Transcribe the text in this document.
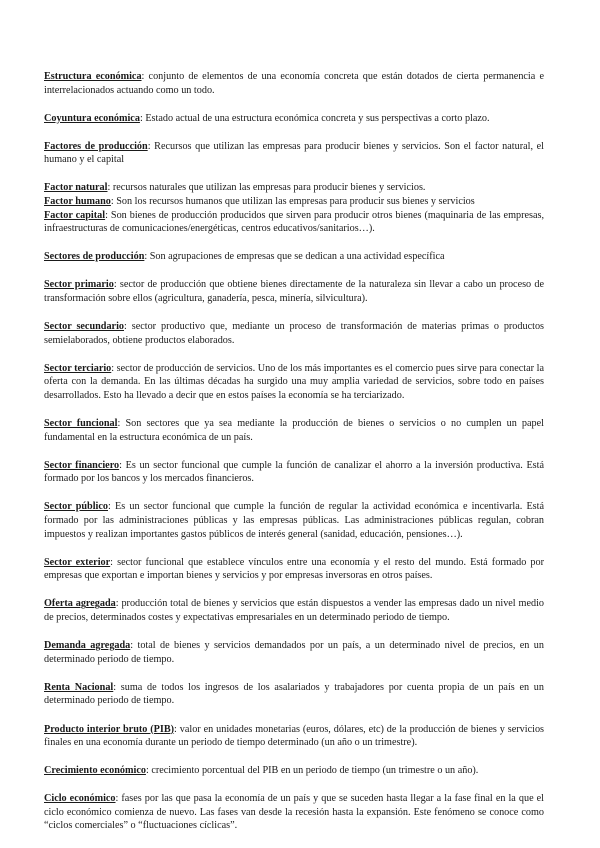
Estructura económica: conjunto de elementos de una economía concreta que están dotados de cierta permanencia e interrelacionados actuando como un todo.

Coyuntura económica: Estado actual de una estructura económica concreta y sus perspectivas a corto plazo.

Factores de producción: Recursos que utilizan las empresas para producir bienes y servicios. Son el factor natural, el humano y el capital

Factor natural: recursos naturales que utilizan las empresas para producir bienes y servicios.

Factor humano: Son los recursos humanos que utilizan las empresas para producir sus bienes y servicios

Factor capital: Son bienes de producción producidos que sirven para producir otros bienes (maquinaria de las empresas, infraestructuras de comunicaciones/energéticas, centros educativos/sanitarios…).

Sectores de producción: Son agrupaciones de empresas que se dedican a una actividad específica

Sector primario: sector de producción que obtiene bienes directamente de la naturaleza sin llevar a cabo un proceso de transformación sobre ellos (agricultura, ganadería, pesca, minería, silvicultura).

Sector secundario: sector productivo que, mediante un proceso de transformación de materias primas o productos semielaborados, obtiene productos elaborados.

Sector terciario: sector de producción de servicios. Uno de los más importantes es el comercio pues sirve para conectar la oferta con la demanda. En las últimas décadas ha surgido una muy amplia variedad de servicios, sobre todo en países desarrollados. Esto ha llevado a decir que en estos países la economía se ha terciarizado.

Sector funcional: Son sectores que ya sea mediante la producción de bienes o servicios o no cumplen un papel fundamental en la estructura económica de un país.

Sector financiero: Es un sector funcional que cumple la función de canalizar el ahorro a la inversión productiva. Está formado por los bancos y los mercados financieros.

Sector público: Es un sector funcional que cumple la función de regular la actividad económica e incentivarla. Está formado por las administraciones públicas y las empresas públicas. Las administraciones públicas regulan, cobran impuestos y realizan importantes gastos públicos de interés general (sanidad, educación, pensiones…).

Sector exterior: sector funcional que establece vínculos entre una economía y el resto del mundo. Está formado por empresas que exportan e importan bienes y servicios y por empresas inversoras en otros países.

Oferta agregada: producción total de bienes y servicios que están dispuestos a vender las empresas dado un nivel medio de precios, determinados costes y expectativas empresariales en un determinado periodo de tiempo.

Demanda agregada: total de bienes y servicios demandados por un país, a un determinado nivel de precios, en un determinado periodo de tiempo.

Renta Nacional: suma de todos los ingresos de los asalariados y trabajadores por cuenta propia de un país en un determinado periodo de tiempo.

Producto interior bruto (PIB): valor en unidades monetarias (euros, dólares, etc) de la producción de bienes y servicios finales en una economía durante un periodo de tiempo determinado (un año o un trimestre).

Crecimiento económico: crecimiento porcentual del PIB en un periodo de tiempo (un trimestre o un año).

Ciclo económico: fases por las que pasa la economía de un país y que se suceden hasta llegar a la fase final en la que el ciclo económico comienza de nuevo. Las fases van desde la recesión hasta la expansión. Este fenómeno se conoce como “ciclos comerciales” o “fluctuaciones cíclicas”.
